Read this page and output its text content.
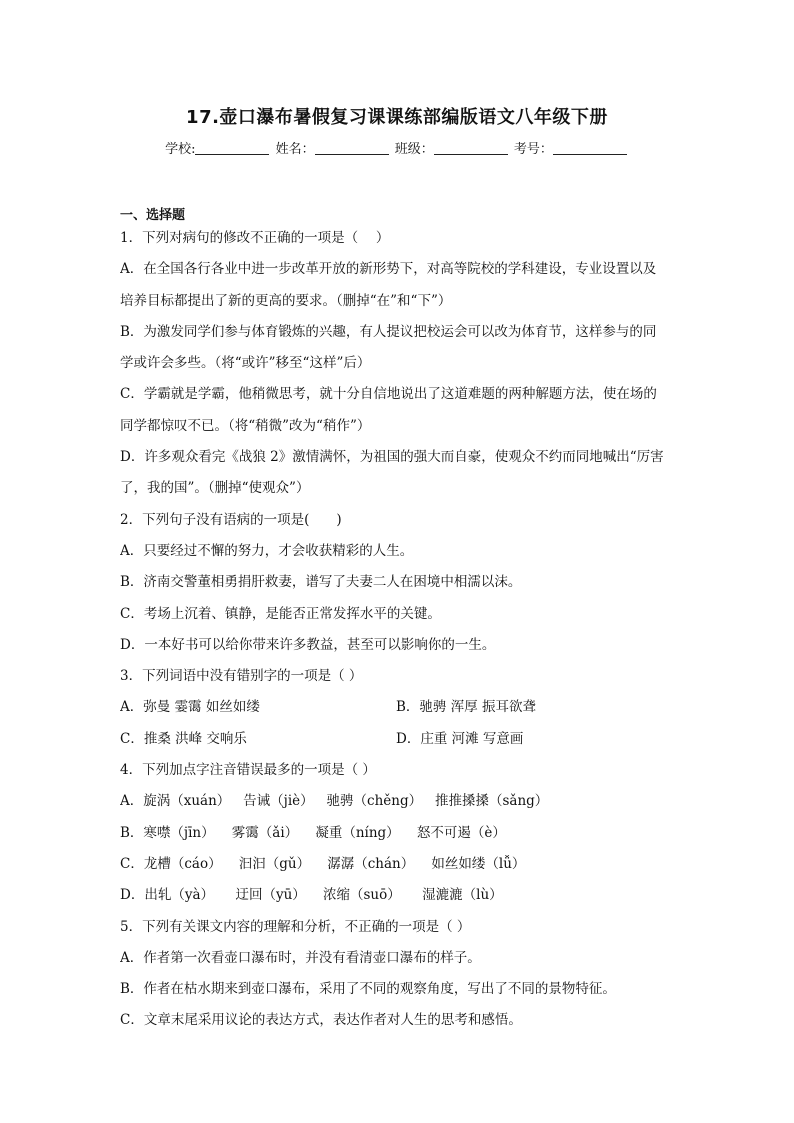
17.壶口瀑布暑假复习课课练部编版语文八年级下册
学校:	姓名：	班级：	考号：
一、选择题
1．下列对病句的修改不正确的一项是（　 ）
A．在全国各行各业中进一步改革开放的新形势下，对高等院校的学科建设，专业设置以及
培养目标都提出了新的更高的要求。（删掉“在”和“下”）
B．为激发同学们参与体育锻炼的兴趣，有人提议把校运会可以改为体育节，这样参与的同
学或许会多些。（将“或许”移至“这样”后）
C．学霸就是学霸，他稍微思考，就十分自信地说出了这道难题的两种解题方法，使在场的
同学都惊叹不已。（将“稍微”改为“稍作”）
D．许多观众看完《战狼 2》激情满怀，为祖国的强大而自豪，使观众不约而同地喊出“厉害
了，我的国”。（删掉“使观众”）
2．下列句子没有语病的一项是(　　)
A．只要经过不懈的努力，才会收获精彩的人生。
B．济南交警董相勇捐肝救妻，谱写了夫妻二人在困境中相濡以沫。
C．考场上沉着、镇静，是能否正常发挥水平的关键。
D．一本好书可以给你带来许多教益，甚至可以影响你的一生。
3．下列词语中没有错别字的一项是（ ）
A．弥曼 霎霭 如丝如缕	B．驰骋 浑厚 振耳欲聋
C．推桑 洪峰 交响乐	D．庄重 河滩 写意画
4．下列加点字注音错误最多的一项是（ ）
A．旋涡（xuán）   告诫（jiè）   驰骋（chěng）   推推搡搡（sǎng）
B．寒噤（jīn）    雾霭（ǎi）    凝重（níng）    怒不可遏（è）
C．龙槽（cáo）    汩汩（gǔ）    潺潺（chán）    如丝如缕（lǚ）
D．出轧（yà）     迂回（yū）    浓缩（suō）     湿漉漉（lù）
5．下列有关课文内容的理解和分析，不正确的一项是（ ）
A．作者第一次看壶口瀑布时，并没有看清壶口瀑布的样子。
B．作者在枯水期来到壶口瀑布，采用了不同的观察角度，写出了不同的景物特征。
C．文章末尾采用议论的表达方式，表达作者对人生的思考和感悟。
